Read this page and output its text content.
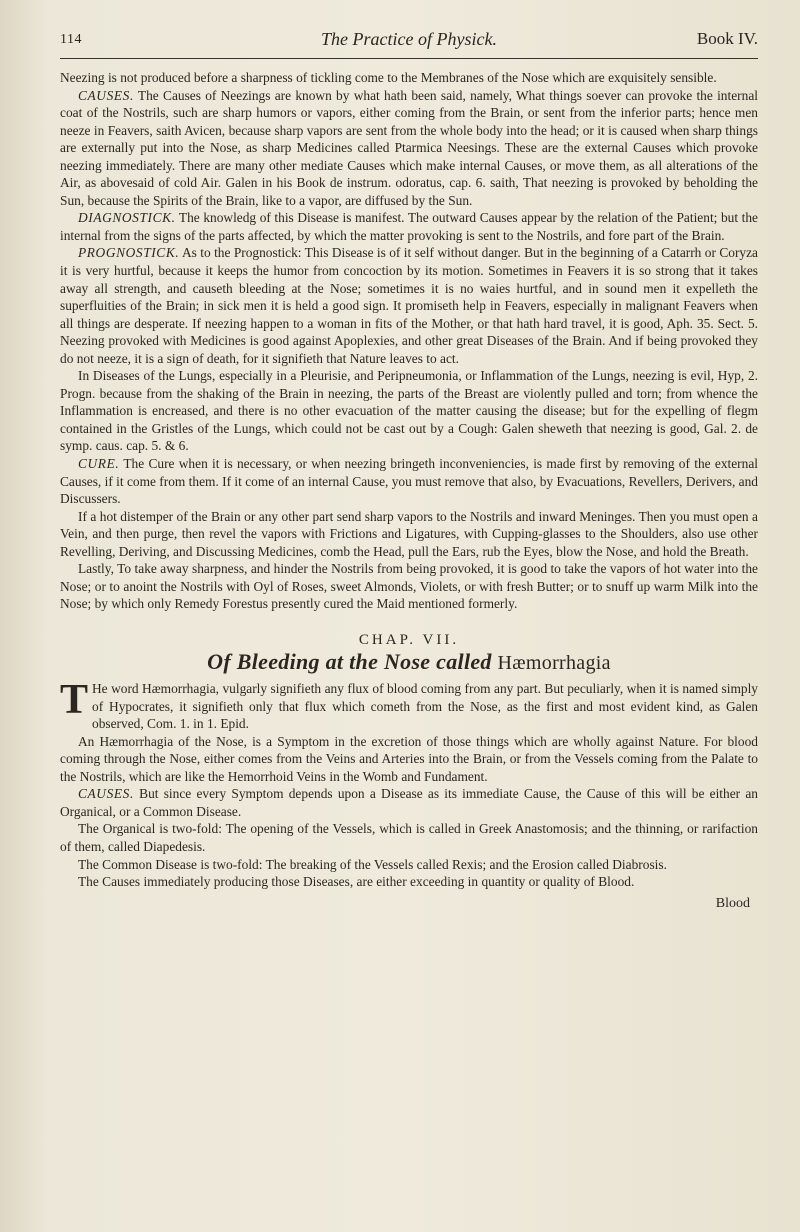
114	The Practice of Physick.	Book IV.

Neezing is not produced before a sharpness of tickling come to the Membranes of the Nose which are exquisitely sensible.

CAUSES. The Causes of Neezings are known by what hath been said, namely, What things soever can provoke the internal coat of the Nostrils, such are sharp humors or vapors, either coming from the Brain, or sent from the inferior parts; hence men neeze in Feavers, saith Avicen, because sharp vapors are sent from the whole body into the head; or it is caused when sharp things are externally put into the Nose, as sharp Medicines called Ptarmica Neesings. These are the external Causes which provoke neezing immediately. There are many other mediate Causes which make internal Causes, or move them, as all alterations of the Air, as abovesaid of cold Air. Galen in his Book de instrum. odoratus, cap. 6. saith, That neezing is provoked by beholding the Sun, because the Spirits of the Brain, like to a vapor, are diffused by the Sun.

DIAGNOSTICK. The knowledg of this Disease is manifest. The outward Causes appear by the relation of the Patient; but the internal from the signs of the parts affected, by which the matter provoking is sent to the Nostrils, and fore part of the Brain.

PROGNOSTICK. As to the Prognostick: This Disease is of it self without danger. But in the beginning of a Catarrh or Coryza it is very hurtful, because it keeps the humor from concoction by its motion. Sometimes in Feavers it is so strong that it takes away all strength, and causeth bleeding at the Nose; sometimes it is no waies hurtful, and in sound men it expelleth the superfluities of the Brain; in sick men it is held a good sign. It promiseth help in Feavers, especially in malignant Feavers when all things are desperate. If neezing happen to a woman in fits of the Mother, or that hath hard travel, it is good, Aph. 35. Sect. 5. Neezing provoked with Medicines is good against Apoplexies, and other great Diseases of the Brain. And if being provoked they do not neeze, it is a sign of death, for it signifieth that Nature leaves to act.

In Diseases of the Lungs, especially in a Pleurisie, and Peripneumonia, or Inflammation of the Lungs, neezing is evil, Hyp, 2. Progn. because from the shaking of the Brain in neezing, the parts of the Breast are violently pulled and torn; from whence the Inflammation is encreased, and there is no other evacuation of the matter causing the disease; but for the expelling of flegm contained in the Gristles of the Lungs, which could not be cast out by a Cough: Galen sheweth that neezing is good, Gal. 2. de symp. caus. cap. 5. & 6.

CURE. The Cure when it is necessary, or when neezing bringeth inconveniencies, is made first by removing of the external Causes, if it come from them. If it come of an internal Cause, you must remove that also, by Evacuations, Revellers, Derivers, and Discussers.

If a hot distemper of the Brain or any other part send sharp vapors to the Nostrils and inward Meninges. Then you must open a Vein, and then purge, then revel the vapors with Frictions and Ligatures, with Cupping-glasses to the Shoulders, also use other Revelling, Deriving, and Discussing Medicines, comb the Head, pull the Ears, rub the Eyes, blow the Nose, and hold the Breath.

Lastly, To take away sharpness, and hinder the Nostrils from being provoked, it is good to take the vapors of hot water into the Nose; or to anoint the Nostrils with Oyl of Roses, sweet Almonds, Violets, or with fresh Butter; or to snuff up warm Milk into the Nose; by which only Remedy Forestus presently cured the Maid mentioned formerly.

CHAP. VII.
Of Bleeding at the Nose called Hæmorrhagia

T He word Hæmorrhagia, vulgarly signifieth any flux of blood coming from any part. But peculiarly, when it is named simply of Hypocrates, it signifieth only that flux which cometh from the Nose, as the first and most evident kind, as Galen observed, Com. 1. in 1. Epid.

An Hæmorrhagia of the Nose, is a Symptom in the excretion of those things which are wholly against Nature. For blood coming through the Nose, either comes from the Veins and Arteries into the Brain, or from the Vessels coming from the Palate to the Nostrils, which are like the Hemorrhoid Veins in the Womb and Fundament.

CAUSES. But since every Symptom depends upon a Disease as its immediate Cause, the Cause of this will be either an Organical, or a Common Disease.

The Organical is two-fold: The opening of the Vessels, which is called in Greek Anastomosis; and the thinning, or rarifaction of them, called Diapedesis.

The Common Disease is two-fold: The breaking of the Vessels called Rexis; and the Erosion called Diabrosis.

The Causes immediately producing those Diseases, are either exceeding in quantity or quality of Blood.

Blood
